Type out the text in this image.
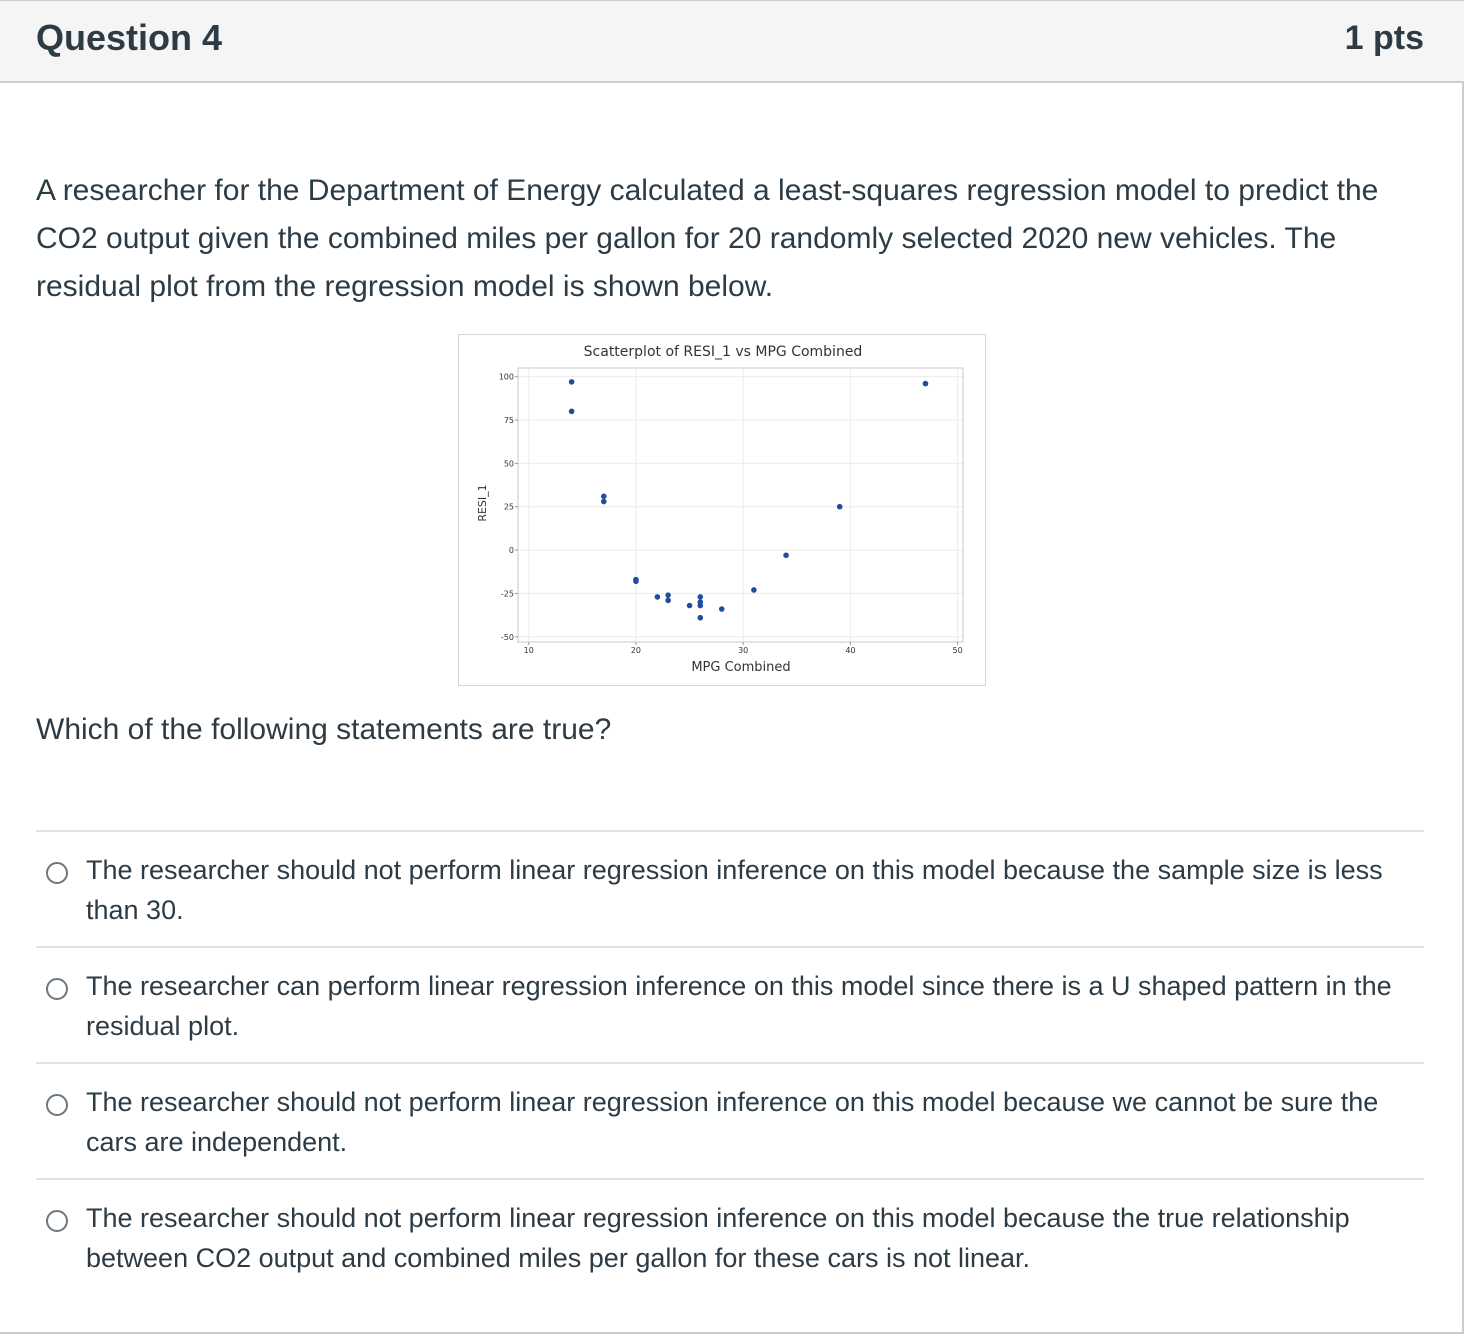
Question 4	1 pts

A researcher for the Department of Energy calculated a least-squares regression model to predict the CO2 output given the combined miles per gallon for 20 randomly selected 2020 new vehicles. The residual plot from the regression model is shown below.

Scatterplot of RESI_1 vs MPG Combined
100
75
50
25
0
-25
-50
10	20	30	40	50
MPG Combined
RESI_1

Which of the following statements are true?

The researcher should not perform linear regression inference on this model because the sample size is less than 30.
The researcher can perform linear regression inference on this model since there is a U shaped pattern in the residual plot.
The researcher should not perform linear regression inference on this model because we cannot be sure the cars are independent.
The researcher should not perform linear regression inference on this model because the true relationship between CO2 output and combined miles per gallon for these cars is not linear.
